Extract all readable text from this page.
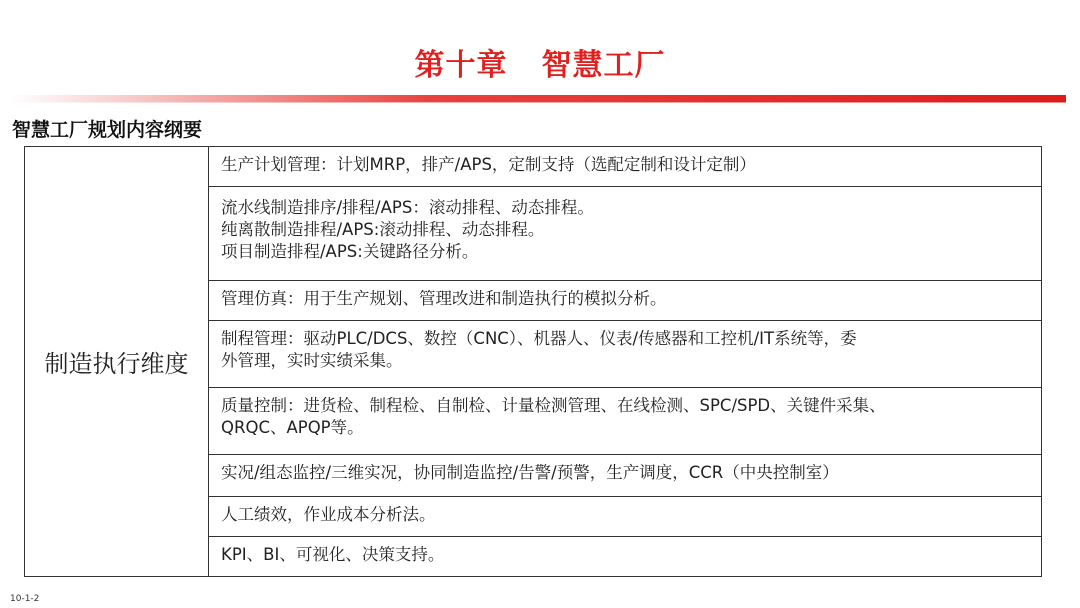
第十章 智慧工厂
智慧工厂规划内容纲要
制造执行维度
生产计划管理：计划MRP，排产/APS，定制支持（选配定制和设计定制）
流水线制造排序/排程/APS：滚动排程、动态排程。
纯离散制造排程/APS:滚动排程、动态排程。
项目制造排程/APS:关键路径分析。
管理仿真：用于生产规划、管理改进和制造执行的模拟分析。
制程管理：驱动PLC/DCS、数控（CNC）、机器人、仪表/传感器和工控机/IT系统等，委
外管理，实时实绩采集。
质量控制：进货检、制程检、自制检、计量检测管理、在线检测、SPC/SPD、关键件采集、
QRQC、APQP等。
实况/组态监控/三维实况，协同制造监控/告警/预警，生产调度，CCR（中央控制室）
人工绩效，作业成本分析法。
KPI、BI、可视化、决策支持。
10-1-2
